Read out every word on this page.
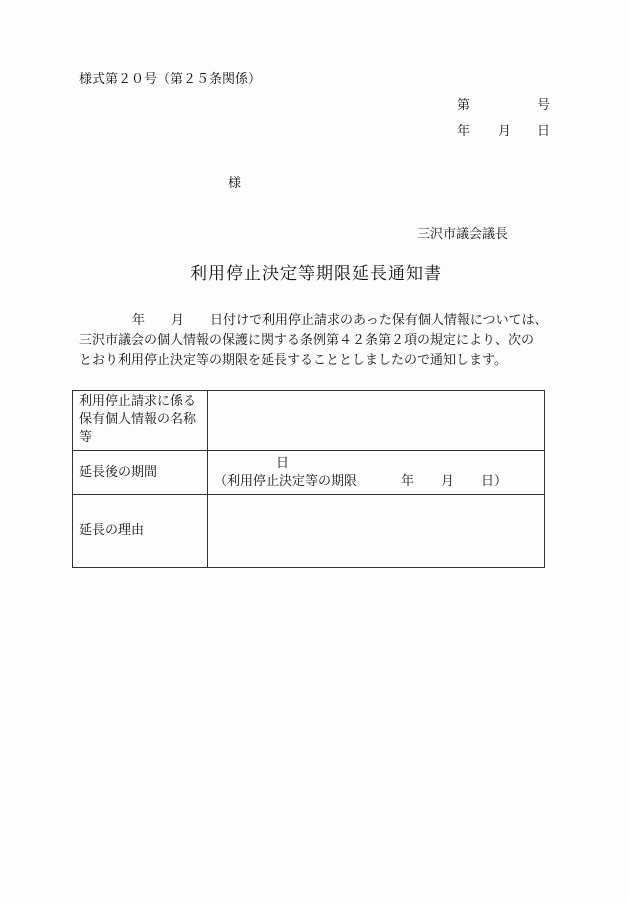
様式第２０号（第２５条関係）
第	号
年 月 日
様
三沢市議会議長
利用停止決定等期限延長通知書
年 月 日付けで利用停止請求のあった保有個人情報については、
三沢市議会の個人情報の保護に関する条例第４２条第２項の規定により、次の
とおり利用停止決定等の期限を延長することとしましたので通知します。
利用停止請求に係る保有個人情報の名称等	

延長後の期間	日
（利用停止決定等の期限 年 月 日）

延長の理由	
